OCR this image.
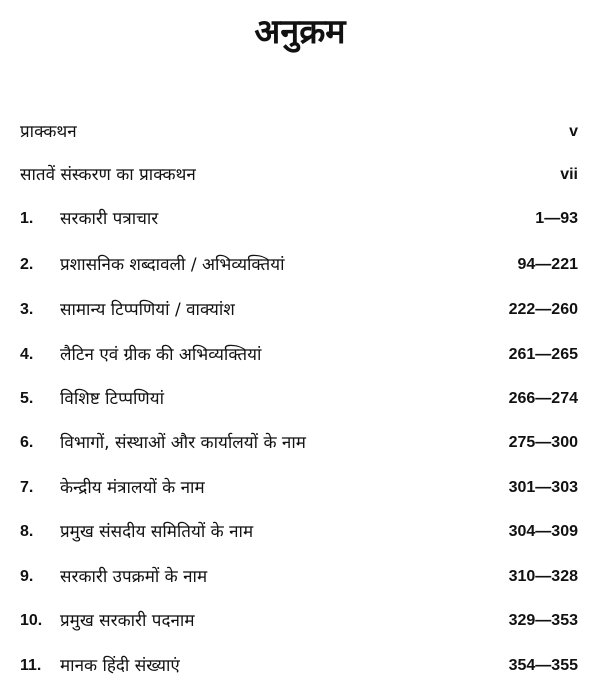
अनुक्रम
प्राक्कथन	v
सातवें संस्करण का प्राक्कथन	vii
1.	सरकारी पत्राचार	1—93
2.	प्रशासनिक शब्दावली / अभिव्यक्तियां	94—221
3.	सामान्य टिप्पणियां / वाक्यांश	222—260
4.	लैटिन एवं ग्रीक की अभिव्यक्तियां	261—265
5.	विशिष्ट टिप्पणियां	266—274
6.	विभागों, संस्थाओं और कार्यालयों के नाम	275—300
7.	केन्द्रीय मंत्रालयों के नाम	301—303
8.	प्रमुख संसदीय समितियों के नाम	304—309
9.	सरकारी उपक्रमों के नाम	310—328
10.	प्रमुख सरकारी पदनाम	329—353
11.	मानक हिंदी संख्याएं	354—355
